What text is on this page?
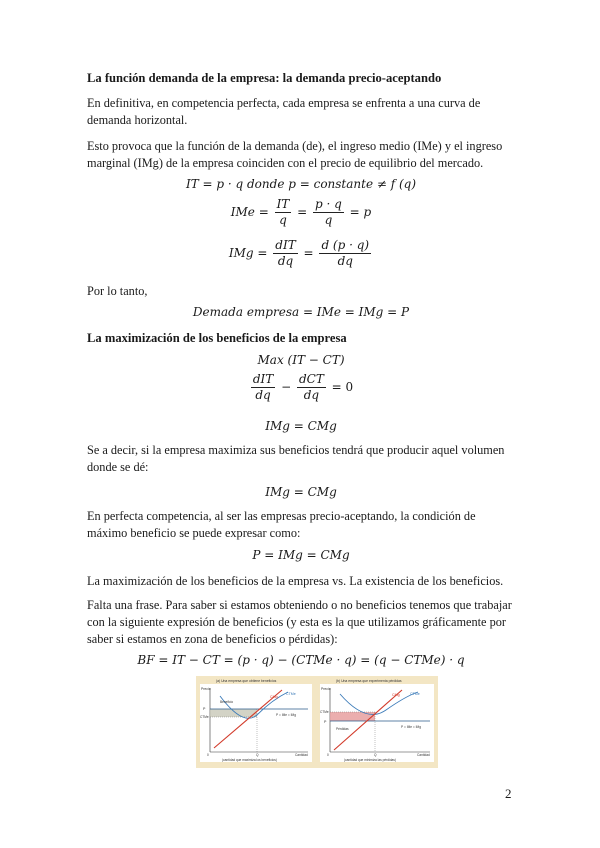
La función demanda de la empresa: la demanda precio-aceptando
En definitiva, en competencia perfecta, cada empresa se enfrenta a una curva de demanda horizontal.
Esto provoca que la función de la demanda (de), el ingreso medio (IMe) y el ingreso marginal (IMg) de la empresa coinciden con el precio de equilibrio del mercado.
IT = p · q donde p = constante ≠ f (q)
IMe = $\frac{IT}{q} = \frac{p \cdot q}{q} = p$
IMg = $\frac{\text{dIT}}{dq} = \frac{d (p \cdot q)}{dq}$
Por lo tanto,
Demada empresa = IMe = IMg = P
La maximización de los beneficios de la empresa
Max (IT − CT)
$\frac{\text{dIT}}{dq} - \frac{\text{dCT}}{dq} = 0$
IMg = CMg
Se a decir, si la empresa maximiza sus beneficios tendrá que producir aquel volumen donde se dé:
IMg = CMg
En perfecta competencia, al ser las empresas precio-aceptando, la condición de máximo beneficio se puede expresar como:
P = IMg = CMg
La maximización de los beneficios de la empresa vs. La existencia de los beneficios.
Falta una frase. Para saber si estamos obteniendo o no beneficios tenemos que trabajar con la siguiente expresión de beneficios (y esta es la que utilizamos gráficamente por saber si estamos en zona de beneficios o pérdidas):
BF = IT − CT = (p · q) − (CTMe · q) = (q − CTMe) · q
(a) Una empresa que obtiene beneficios
Precio
CMg
CTMe
P
CTMe
Beneficio
P = IMe = IMg
Q
0	Cantidad
(cantidad que maximiza los beneficios)
(b) Una empresa que experimenta pérdidas
Precio
CMg	CTMe
CTMe
P
Pérdidas	P = IMe = IMg
Q
0	Cantidad
(cantidad que minimiza las pérdidas)
2
